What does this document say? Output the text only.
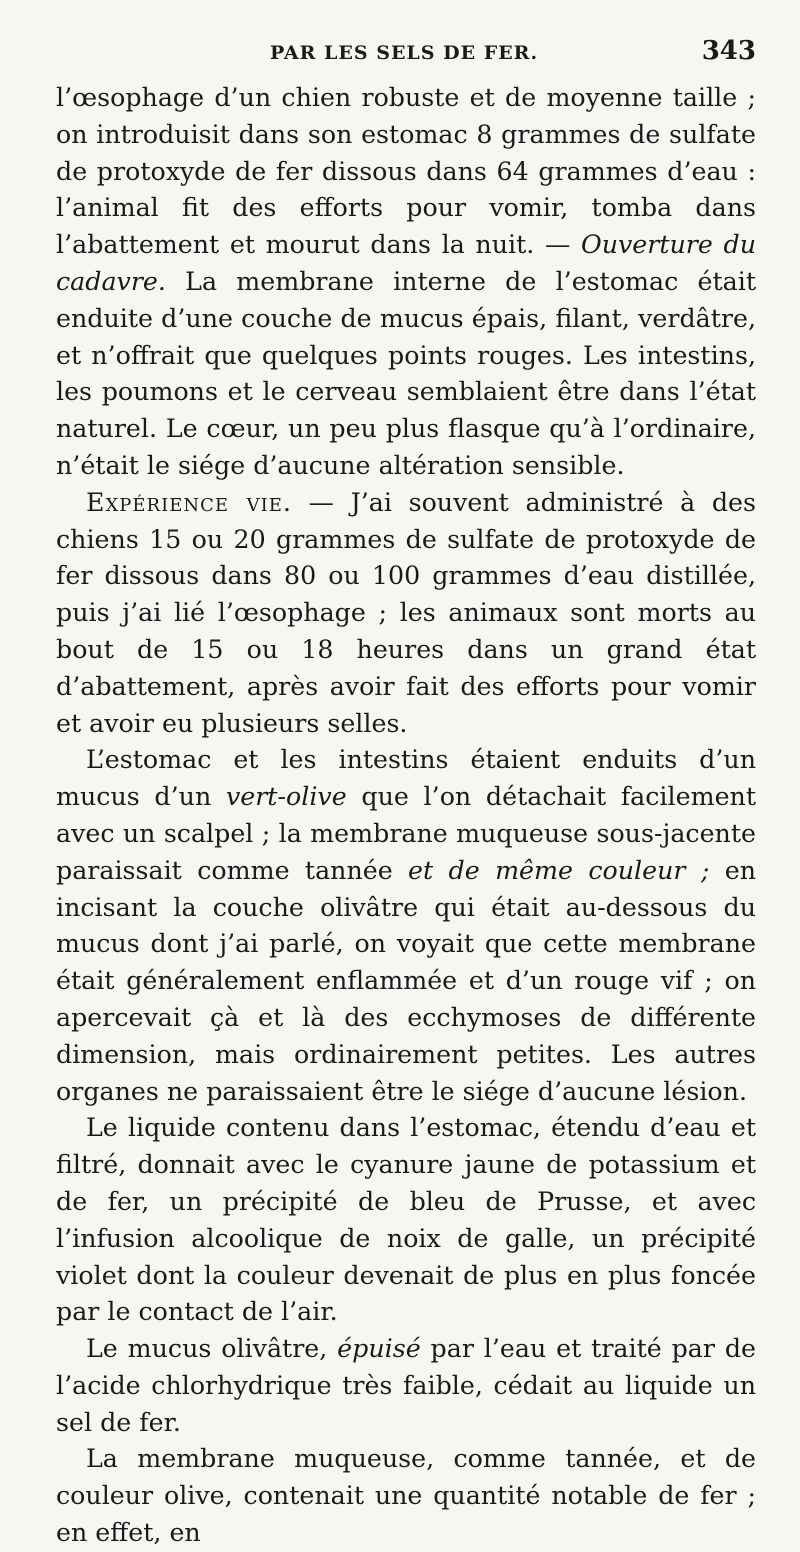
PAR LES SELS DE FER.	343

l’œsophage d’un chien robuste et de moyenne taille ; on introduisit dans son estomac 8 grammes de sulfate de protoxyde de fer dissous dans 64 grammes d’eau : l’animal fit des efforts pour vomir, tomba dans l’abattement et mourut dans la nuit. — Ouverture du cadavre. La membrane interne de l’estomac était enduite d’une couche de mucus épais, filant, verdâtre, et n’offrait que quelques points rouges. Les intestins, les poumons et le cerveau semblaient être dans l’état naturel. Le cœur, un peu plus flasque qu’à l’ordinaire, n’était le siége d’aucune altération sensible.

Expérience vie. — J’ai souvent administré à des chiens 15 ou 20 grammes de sulfate de protoxyde de fer dissous dans 80 ou 100 grammes d’eau distillée, puis j’ai lié l’œsophage ; les animaux sont morts au bout de 15 ou 18 heures dans un grand état d’abattement, après avoir fait des efforts pour vomir et avoir eu plusieurs selles.

L’estomac et les intestins étaient enduits d’un mucus d’un vert-olive que l’on détachait facilement avec un scalpel ; la membrane muqueuse sous-jacente paraissait comme tannée et de même couleur ; en incisant la couche olivâtre qui était au-dessous du mucus dont j’ai parlé, on voyait que cette membrane était généralement enflammée et d’un rouge vif ; on apercevait çà et là des ecchymoses de différente dimension, mais ordinairement petites. Les autres organes ne paraissaient être le siége d’aucune lésion.

Le liquide contenu dans l’estomac, étendu d’eau et filtré, donnait avec le cyanure jaune de potassium et de fer, un précipité de bleu de Prusse, et avec l’infusion alcoolique de noix de galle, un précipité violet dont la couleur devenait de plus en plus foncée par le contact de l’air.

Le mucus olivâtre, épuisé par l’eau et traité par de l’acide chlorhydrique très faible, cédait au liquide un sel de fer.

La membrane muqueuse, comme tannée, et de couleur olive, contenait une quantité notable de fer ; en effet, en
